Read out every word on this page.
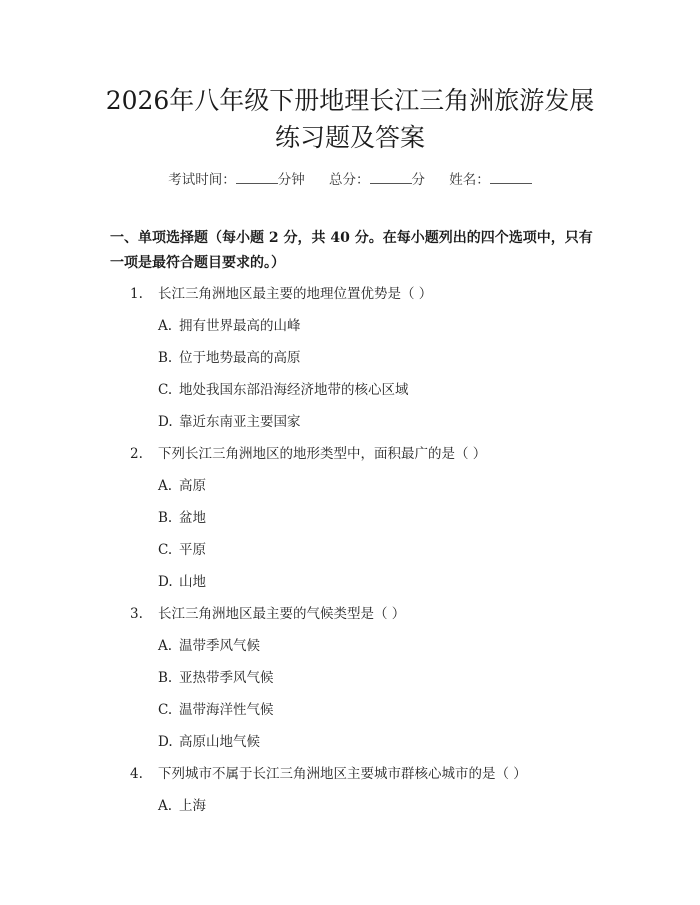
2026年八年级下册地理长江三角洲旅游发展
练习题及答案
考试时间：	分钟 总分：	分 姓名：
一、单项选择题（每小题 2 分，共 40 分。在每小题列出的四个选项中，只有一项是最符合题目要求的。）
1. 长江三角洲地区最主要的地理位置优势是（ ）
A. 拥有世界最高的山峰
B. 位于地势最高的高原
C. 地处我国东部沿海经济地带的核心区域
D. 靠近东南亚主要国家
2. 下列长江三角洲地区的地形类型中，面积最广的是（ ）
A. 高原
B. 盆地
C. 平原
D. 山地
3. 长江三角洲地区最主要的气候类型是（ ）
A. 温带季风气候
B. 亚热带季风气候
C. 温带海洋性气候
D. 高原山地气候
4. 下列城市不属于长江三角洲地区主要城市群核心城市的是（ ）
A. 上海
